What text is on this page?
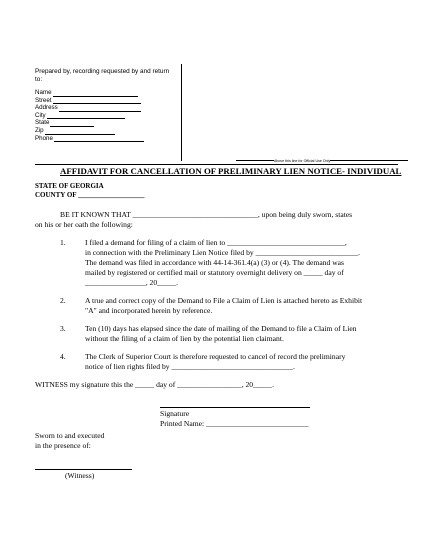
Prepared by, recording requested by and return to:
Name
Street
Address
City
State
Zip
Phone
Above this line for Official Use Only
AFFIDAVIT FOR CANCELLATION OF PRELIMINARY LIEN NOTICE- INDIVIDUAL
STATE OF GEORGIA
COUNTY OF ___________________
BE IT KNOWN THAT _________________________________, upon being duly sworn, states
on his or her oath the following:
1.	I filed a demand for filing of a claim of lien to _______________________________,
in connection with the Preliminary Lien Notice filed by ___________________________.
The demand was filed in accordance with 44-14-361.4(a) (3) or (4). The demand was
mailed by registered or certified mail or statutory overnight delivery on _____ day of
________________, 20_____.
2.	A true and correct copy of the Demand to File a Claim of Lien is attached hereto as Exhibit
"A" and incorporated herein by reference.
3.	Ten (10) days has elapsed since the date of mailing of the Demand to file a Claim of Lien
without the filing of a claim of lien by the potential lien claimant.
4.	The Clerk of Superior Court is therefore requested to cancel of record the preliminary
notice of lien rights filed by ________________________________.
WITNESS my signature this the _____ day of _________________, 20_____.
Signature
Printed Name: ___________________________
Sworn to and executed
in the presence of:
(Witness)
